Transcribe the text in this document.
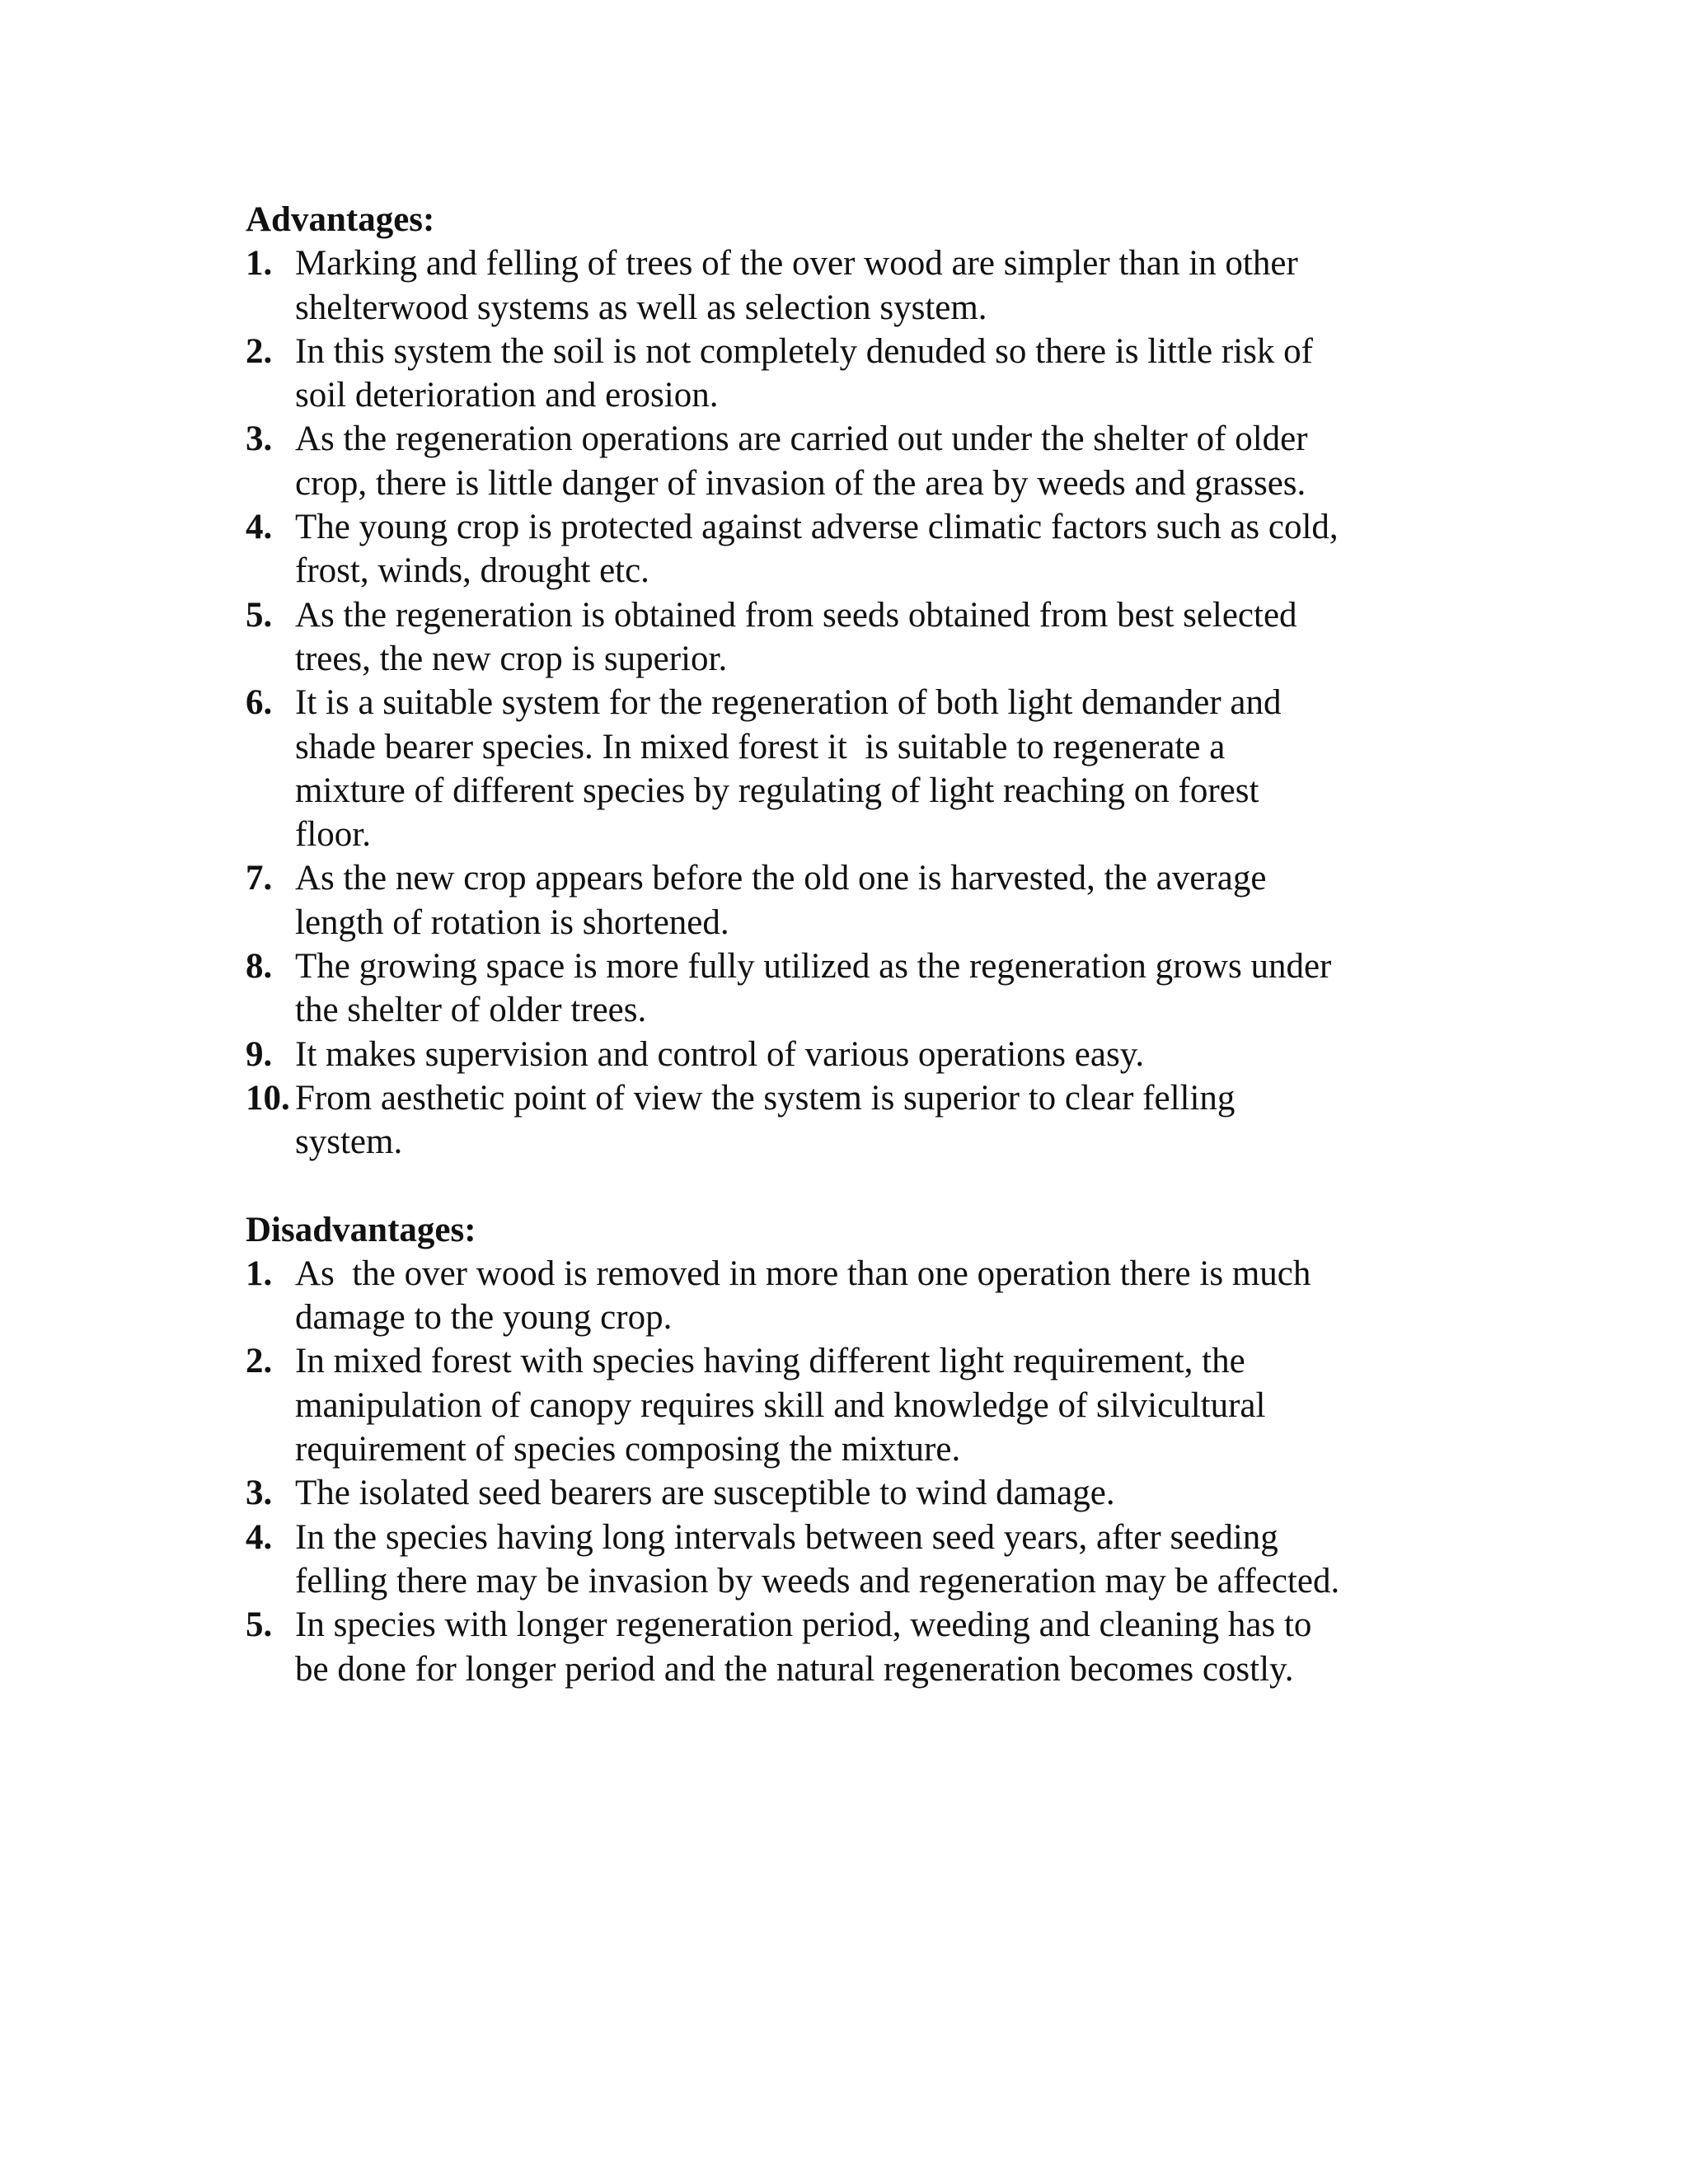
Advantages:
1. Marking and felling of trees of the over wood are simpler than in other
shelterwood systems as well as selection system.
2. In this system the soil is not completely denuded so there is little risk of
soil deterioration and erosion.
3. As the regeneration operations are carried out under the shelter of older
crop, there is little danger of invasion of the area by weeds and grasses.
4. The young crop is protected against adverse climatic factors such as cold,
frost, winds, drought etc.
5. As the regeneration is obtained from seeds obtained from best selected
trees, the new crop is superior.
6. It is a suitable system for the regeneration of both light demander and
shade bearer species. In mixed forest it  is suitable to regenerate a
mixture of different species by regulating of light reaching on forest
floor.
7. As the new crop appears before the old one is harvested, the average
length of rotation is shortened.
8. The growing space is more fully utilized as the regeneration grows under
the shelter of older trees.
9. It makes supervision and control of various operations easy.
10. From aesthetic point of view the system is superior to clear felling
system.
Disadvantages:
1. As  the over wood is removed in more than one operation there is much
damage to the young crop.
2. In mixed forest with species having different light requirement, the
manipulation of canopy requires skill and knowledge of silvicultural
requirement of species composing the mixture.
3. The isolated seed bearers are susceptible to wind damage.
4. In the species having long intervals between seed years, after seeding
felling there may be invasion by weeds and regeneration may be affected.
5. In species with longer regeneration period, weeding and cleaning has to
be done for longer period and the natural regeneration becomes costly.
